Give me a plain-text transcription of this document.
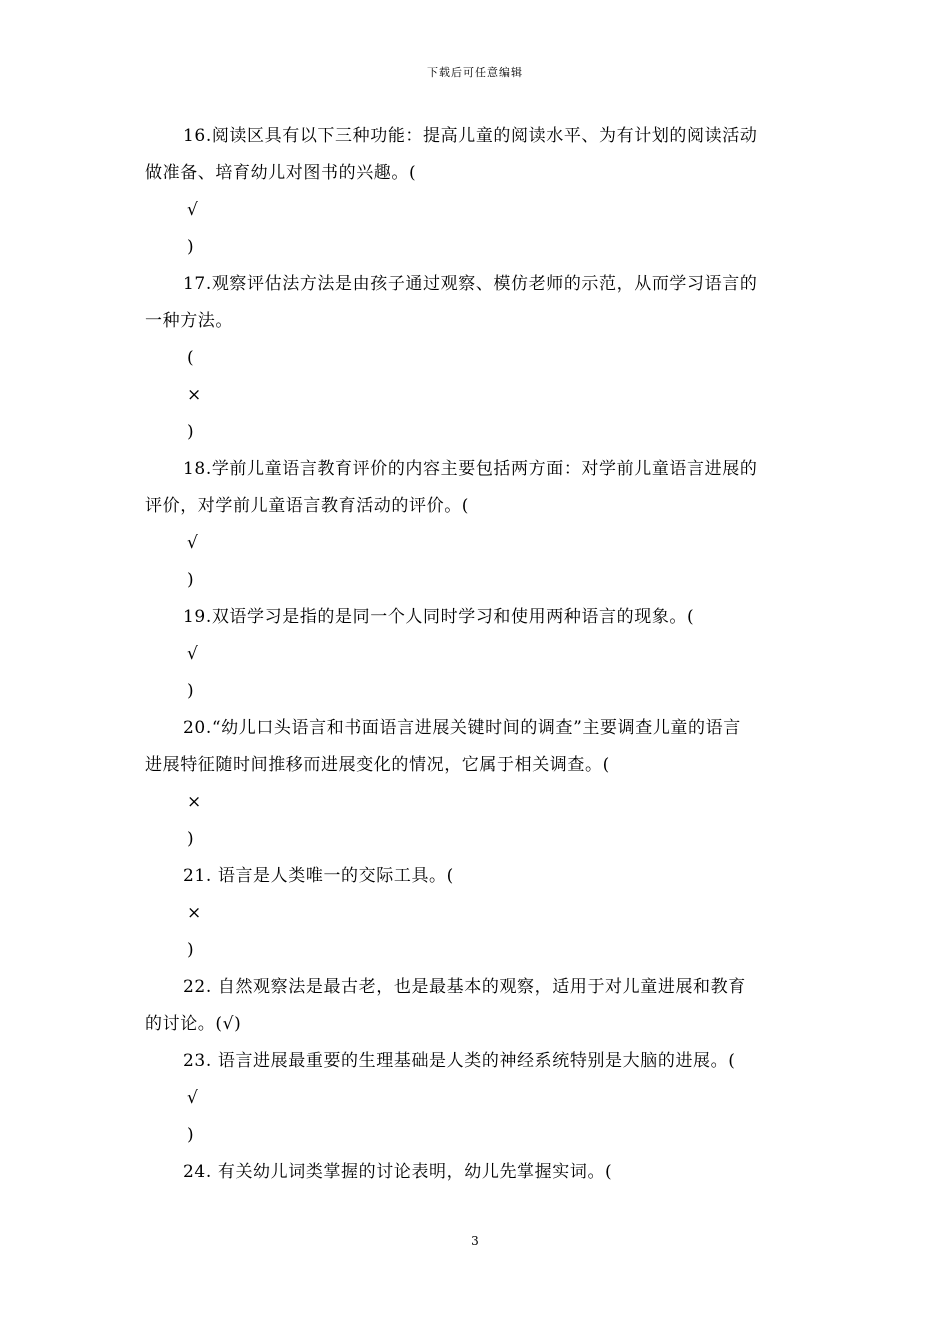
下载后可任意编辑
16.阅读区具有以下三种功能：提高儿童的阅读水平、为有计划的阅读活动
做准备、培育幼儿对图书的兴趣。(
√
)
17.观察评估法方法是由孩子通过观察、模仿老师的示范，从而学习语言的
一种方法。
(
×
)
18.学前儿童语言教育评价的内容主要包括两方面：对学前儿童语言进展的
评价，对学前儿童语言教育活动的评价。(
√
)
19.双语学习是指的是同一个人同时学习和使用两种语言的现象。(
√
)
20.“幼儿口头语言和书面语言进展关键时间的调查”主要调查儿童的语言
进展特征随时间推移而进展变化的情况，它属于相关调查。(
×
)
21. 语言是人类唯一的交际工具。(
×
)
22. 自然观察法是最古老，也是最基本的观察，适用于对儿童进展和教育
的讨论。(√)
23. 语言进展最重要的生理基础是人类的神经系统特别是大脑的进展。(
√
)
24. 有关幼儿词类掌握的讨论表明，幼儿先掌握实词。(
3
